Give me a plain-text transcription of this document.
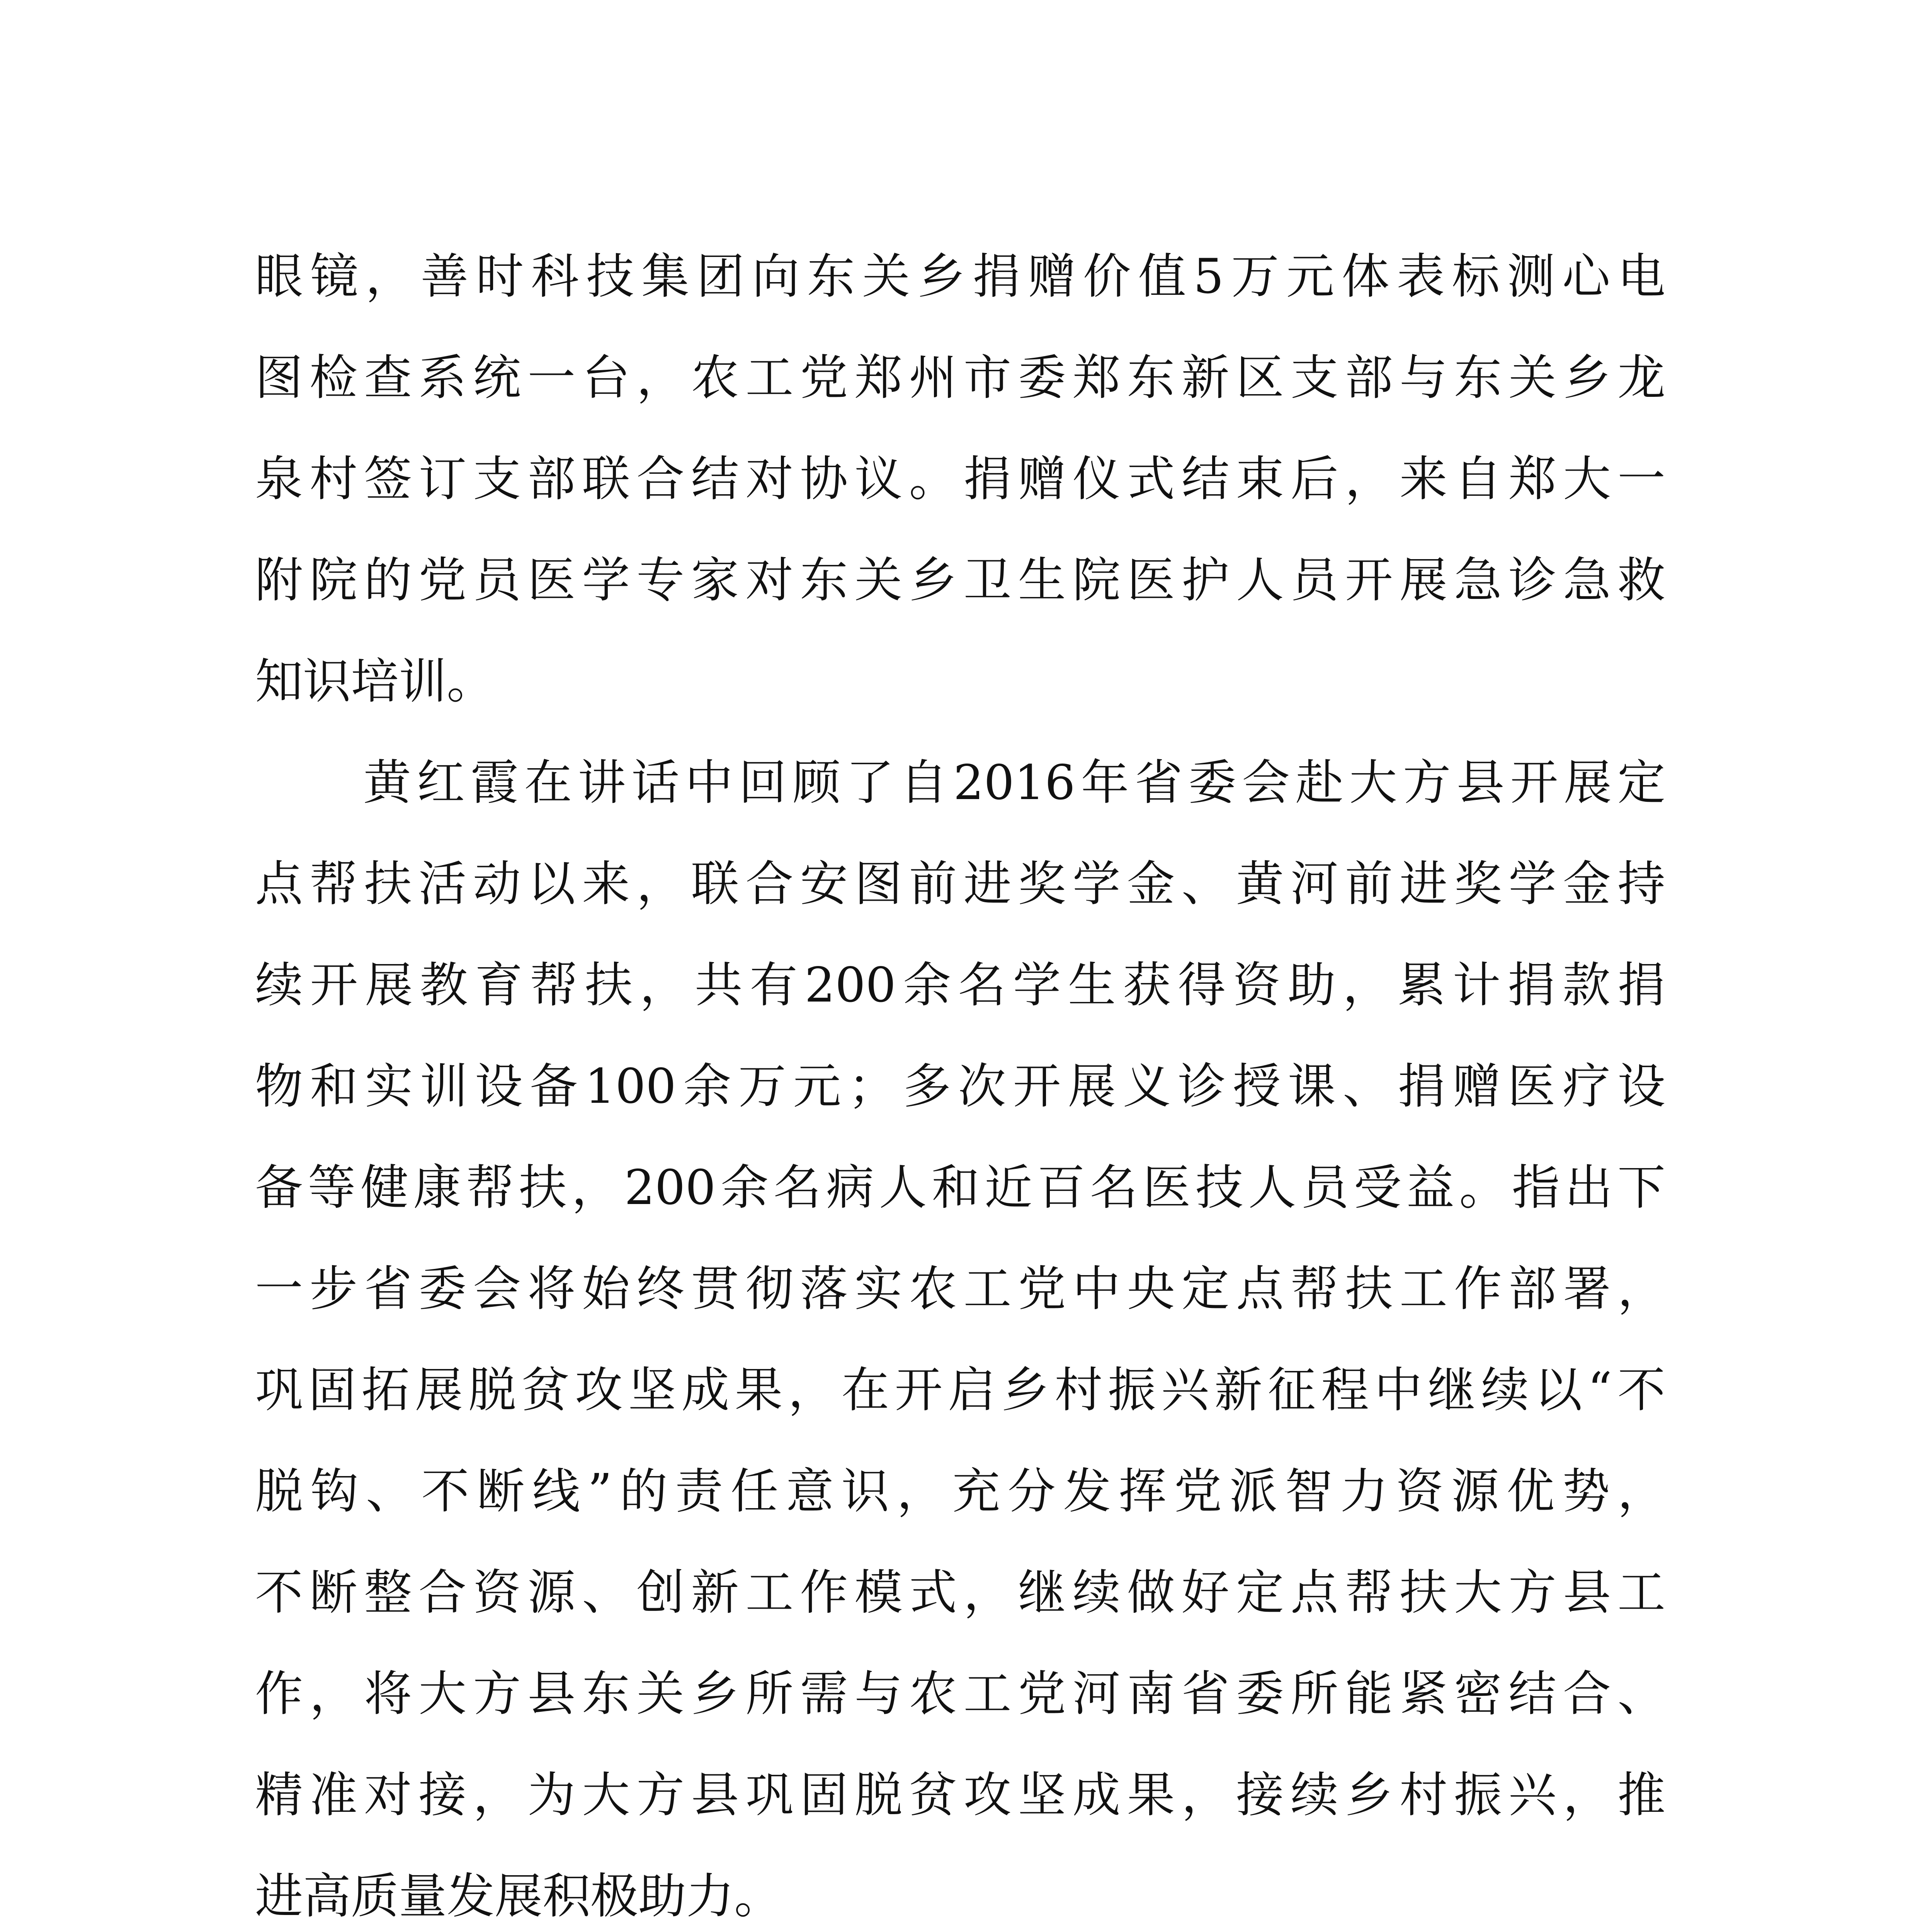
眼镜，善时科技集团向东关乡捐赠价值5万元体表标测心电
图检查系统一台，农工党郑州市委郑东新区支部与东关乡龙
泉村签订支部联合结对协议。捐赠仪式结束后，来自郑大一
附院的党员医学专家对东关乡卫生院医护人员开展急诊急救
知识培训。
黄红霞在讲话中回顾了自2016年省委会赴大方县开展定
点帮扶活动以来，联合安图前进奖学金、黄河前进奖学金持
续开展教育帮扶，共有200余名学生获得资助，累计捐款捐
物和实训设备100余万元；多次开展义诊授课、捐赠医疗设
备等健康帮扶，200余名病人和近百名医技人员受益。指出下
一步省委会将始终贯彻落实农工党中央定点帮扶工作部署，
巩固拓展脱贫攻坚成果，在开启乡村振兴新征程中继续以“不
脱钩、不断线”的责任意识，充分发挥党派智力资源优势，
不断整合资源、创新工作模式，继续做好定点帮扶大方县工
作，将大方县东关乡所需与农工党河南省委所能紧密结合、
精准对接，为大方县巩固脱贫攻坚成果，接续乡村振兴，推
进高质量发展积极助力。
